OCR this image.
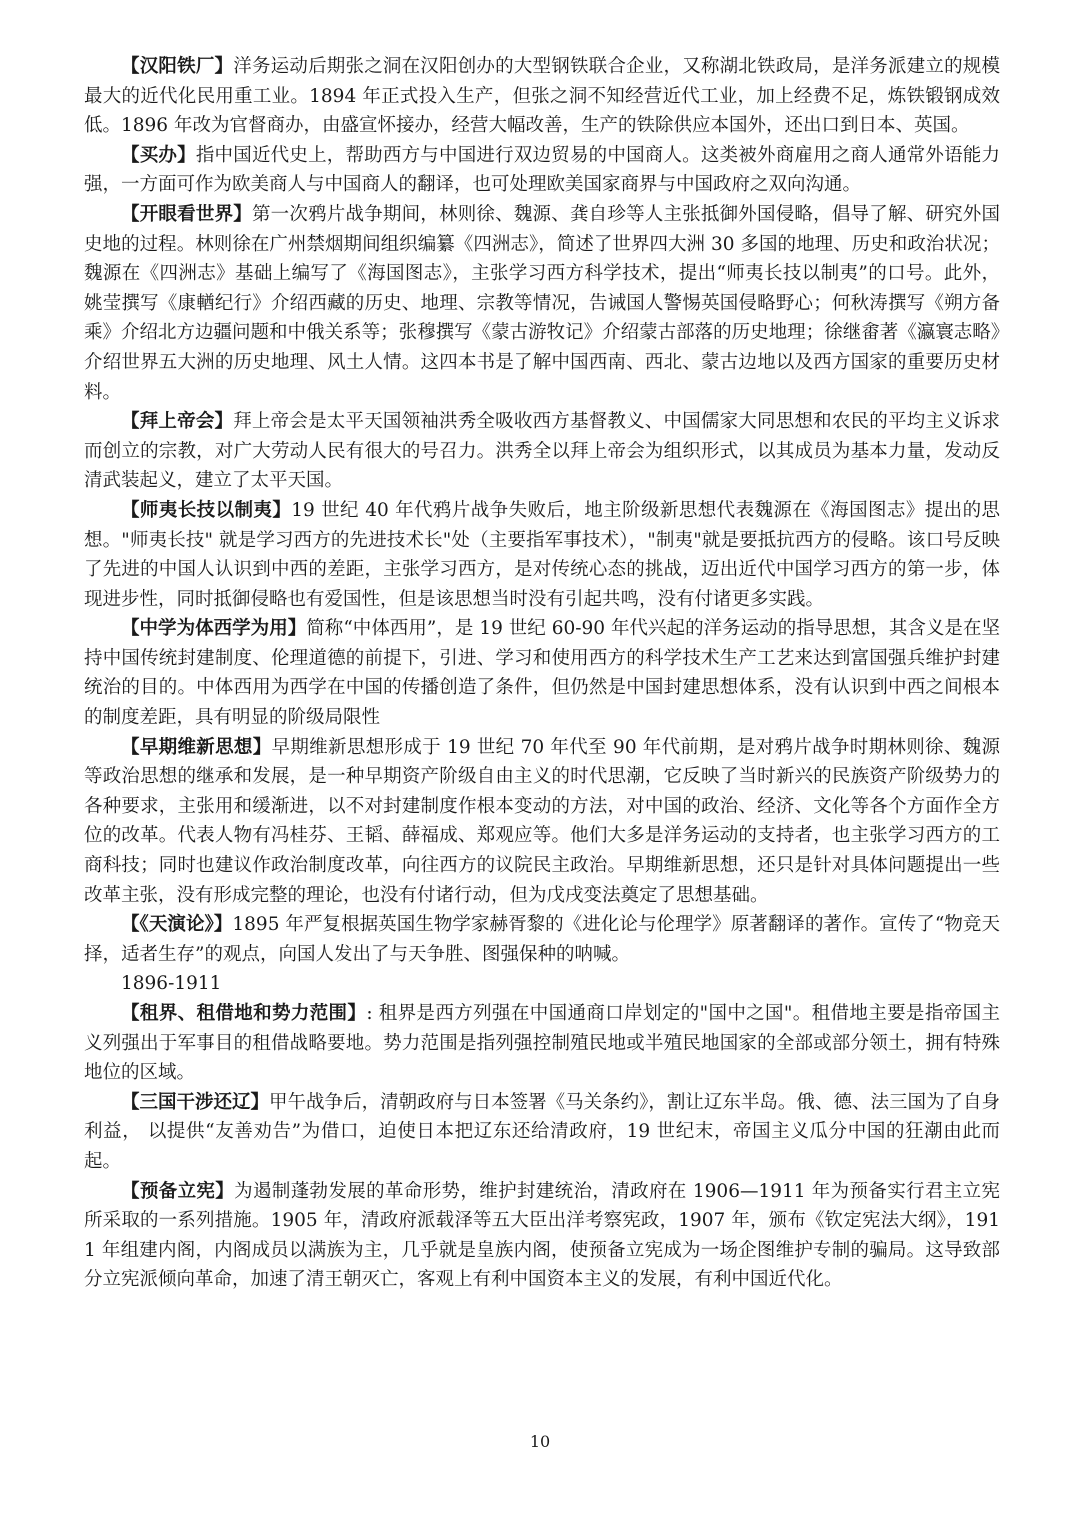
【汉阳铁厂】洋务运动后期张之洞在汉阳创办的大型钢铁联合企业，又称湖北铁政局，是洋务派建立的规模最大的近代化民用重工业。1894 年正式投入生产，但张之洞不知经营近代工业，加上经费不足，炼铁锻钢成效低。1896 年改为官督商办，由盛宣怀接办，经营大幅改善，生产的铁除供应本国外，还出口到日本、英国。

【买办】指中国近代史上，帮助西方与中国进行双边贸易的中国商人。这类被外商雇用之商人通常外语能力强，一方面可作为欧美商人与中国商人的翻译，也可处理欧美国家商界与中国政府之双向沟通。

【开眼看世界】第一次鸦片战争期间，林则徐、魏源、龚自珍等人主张抵御外国侵略，倡导了解、研究外国史地的过程。林则徐在广州禁烟期间组织编纂《四洲志》，简述了世界四大洲 30 多国的地理、历史和政治状况；魏源在《四洲志》基础上编写了《海国图志》，主张学习西方科学技术，提出“师夷长技以制夷”的口号。此外，姚莹撰写《康輶纪行》介绍西藏的历史、地理、宗教等情况，告诫国人警惕英国侵略野心；何秋涛撰写《朔方备乘》介绍北方边疆问题和中俄关系等；张穆撰写《蒙古游牧记》介绍蒙古部落的历史地理；徐继畬著《瀛寰志略》介绍世界五大洲的历史地理、风土人情。这四本书是了解中国西南、西北、蒙古边地以及西方国家的重要历史材料。

【拜上帝会】拜上帝会是太平天国领袖洪秀全吸收西方基督教义、中国儒家大同思想和农民的平均主义诉求而创立的宗教，对广大劳动人民有很大的号召力。洪秀全以拜上帝会为组织形式，以其成员为基本力量，发动反清武装起义，建立了太平天国。

【师夷长技以制夷】19 世纪 40 年代鸦片战争失败后，地主阶级新思想代表魏源在《海国图志》提出的思想。"师夷长技" 就是学习西方的先进技术长"处（主要指军事技术），"制夷"就是要抵抗西方的侵略。该口号反映了先进的中国人认识到中西的差距，主张学习西方，是对传统心态的挑战，迈出近代中国学习西方的第一步，体现进步性，同时抵御侵略也有爱国性，但是该思想当时没有引起共鸣，没有付诸更多实践。

【中学为体西学为用】简称“中体西用”，是 19 世纪 60-90 年代兴起的洋务运动的指导思想，其含义是在坚持中国传统封建制度、伦理道德的前提下，引进、学习和使用西方的科学技术生产工艺来达到富国强兵维护封建统治的目的。中体西用为西学在中国的传播创造了条件，但仍然是中国封建思想体系，没有认识到中西之间根本的制度差距，具有明显的阶级局限性

【早期维新思想】早期维新思想形成于 19 世纪 70 年代至 90 年代前期，是对鸦片战争时期林则徐、魏源等政治思想的继承和发展，是一种早期资产阶级自由主义的时代思潮，它反映了当时新兴的民族资产阶级势力的各种要求，主张用和缓渐进，以不对封建制度作根本变动的方法，对中国的政治、经济、文化等各个方面作全方位的改革。代表人物有冯桂芬、王韬、薛福成、郑观应等。他们大多是洋务运动的支持者，也主张学习西方的工商科技；同时也建议作政治制度改革，向往西方的议院民主政治。早期维新思想，还只是针对具体问题提出一些改革主张，没有形成完整的理论，也没有付诸行动，但为戊戌变法奠定了思想基础。

【《天演论》】1895 年严复根据英国生物学家赫胥黎的《进化论与伦理学》原著翻译的著作。宣传了“物竞天择，适者生存”的观点，向国人发出了与天争胜、图强保种的呐喊。

1896-1911

【租界、租借地和势力范围】: 租界是西方列强在中国通商口岸划定的"国中之国"。租借地主要是指帝国主义列强出于军事目的租借战略要地。势力范围是指列强控制殖民地或半殖民地国家的全部或部分领土，拥有特殊地位的区域。

【三国干涉还辽】甲午战争后，清朝政府与日本签署《马关条约》，割让辽东半岛。俄、德、法三国为了自身利益， 以提供“友善劝告”为借口，迫使日本把辽东还给清政府，19 世纪末，帝国主义瓜分中国的狂潮由此而起。

【预备立宪】为遏制蓬勃发展的革命形势，维护封建统治，清政府在 1906—1911 年为预备实行君主立宪所采取的一系列措施。1905 年，清政府派载泽等五大臣出洋考察宪政，1907 年，颁布《钦定宪法大纲》，1911 年组建内阁，内阁成员以满族为主，几乎就是皇族内阁，使预备立宪成为一场企图维护专制的骗局。这导致部分立宪派倾向革命，加速了清王朝灭亡，客观上有利中国资本主义的发展，有利中国近代化。

10
